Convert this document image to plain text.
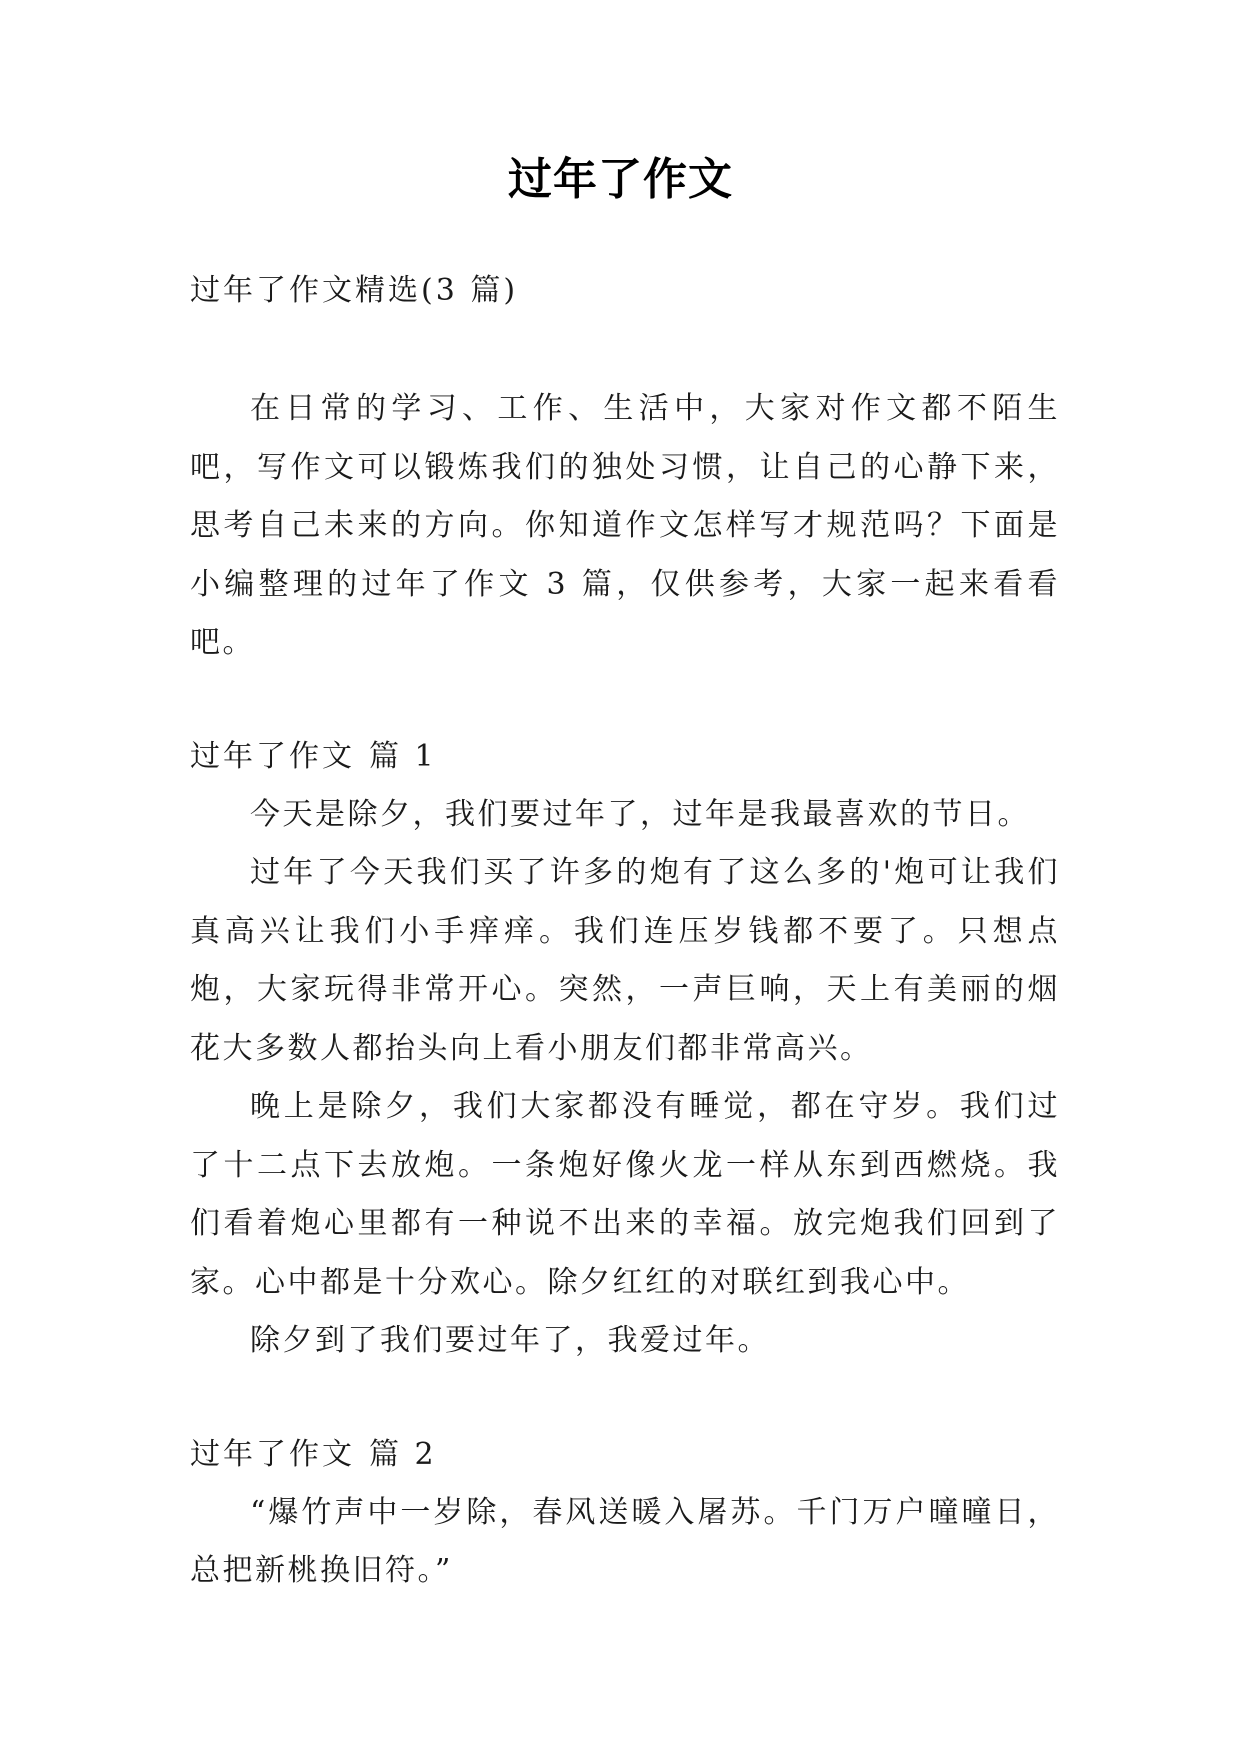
过年了作文

过年了作文精选(3 篇)

在日常的学习、工作、生活中，大家对作文都不陌生吧，写作文可以锻炼我们的独处习惯，让自己的心静下来，思考自己未来的方向。你知道作文怎样写才规范吗？下面是小编整理的过年了作文 3 篇，仅供参考，大家一起来看看吧。

过年了作文 篇 1

今天是除夕，我们要过年了，过年是我最喜欢的节日。

过年了今天我们买了许多的炮有了这么多的'炮可让我们真高兴让我们小手痒痒。我们连压岁钱都不要了。只想点炮，大家玩得非常开心。突然，一声巨响，天上有美丽的烟花大多数人都抬头向上看小朋友们都非常高兴。

晚上是除夕，我们大家都没有睡觉，都在守岁。我们过了十二点下去放炮。一条炮好像火龙一样从东到西燃烧。我们看着炮心里都有一种说不出来的幸福。放完炮我们回到了家。心中都是十分欢心。除夕红红的对联红到我心中。

除夕到了我们要过年了，我爱过年。

过年了作文 篇 2

“爆竹声中一岁除，春风送暖入屠苏。千门万户曈曈日，总把新桃换旧符。”
